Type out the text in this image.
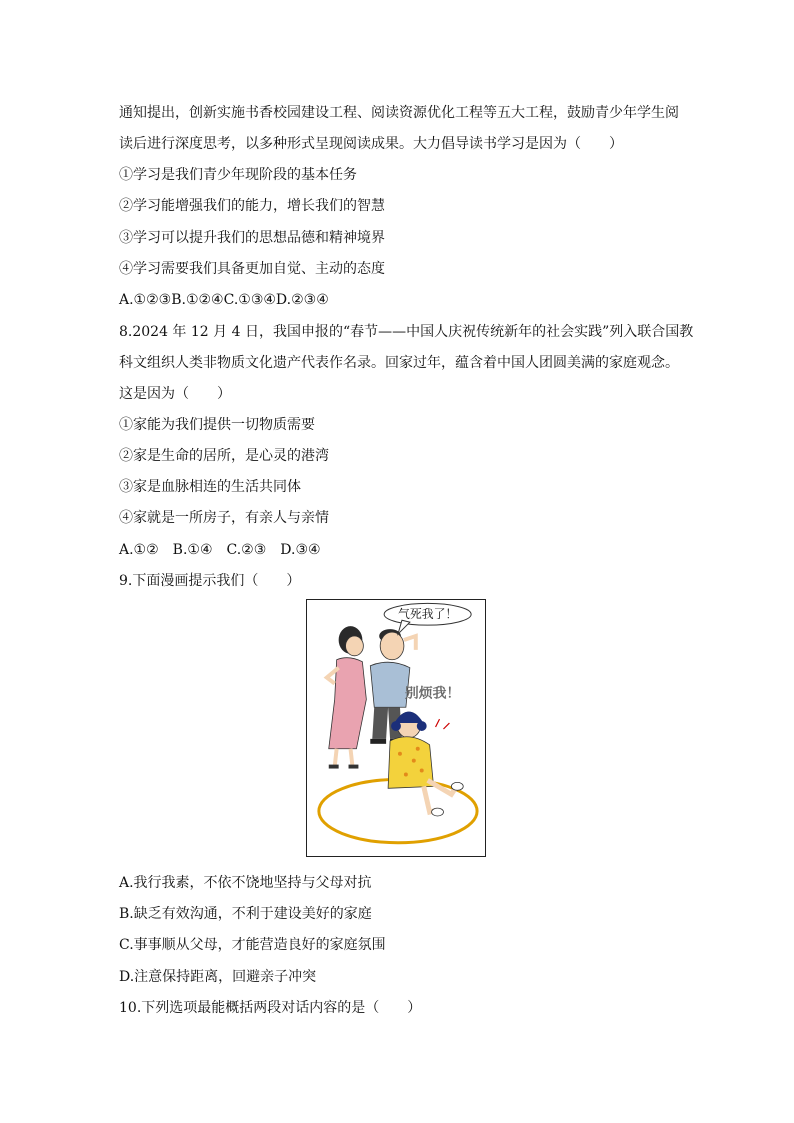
通知提出，创新实施书香校园建设工程、阅读资源优化工程等五大工程，鼓励青少年学生阅
读后进行深度思考，以多种形式呈现阅读成果。大力倡导读书学习是因为（　　）
①学习是我们青少年现阶段的基本任务
②学习能增强我们的能力，增长我们的智慧
③学习可以提升我们的思想品德和精神境界
④学习需要我们具备更加自觉、主动的态度
A.①②③B.①②④C.①③④D.②③④
8.2024 年 12 月 4 日，我国申报的“春节——中国人庆祝传统新年的社会实践”列入联合国教
科文组织人类非物质文化遗产代表作名录。回家过年，蕴含着中国人团圆美满的家庭观念。
这是因为（　　）
①家能为我们提供一切物质需要
②家是生命的居所，是心灵的港湾
③家是血脉相连的生活共同体
④家就是一所房子，有亲人与亲情
A.①②　B.①④　C.②③　D.③④
9.下面漫画提示我们（　　）
气死我了！
别烦我！
A.我行我素，不依不饶地坚持与父母对抗
B.缺乏有效沟通，不利于建设美好的家庭
C.事事顺从父母，才能营造良好的家庭氛围
D.注意保持距离，回避亲子冲突
10.下列选项最能概括两段对话内容的是（　　）
